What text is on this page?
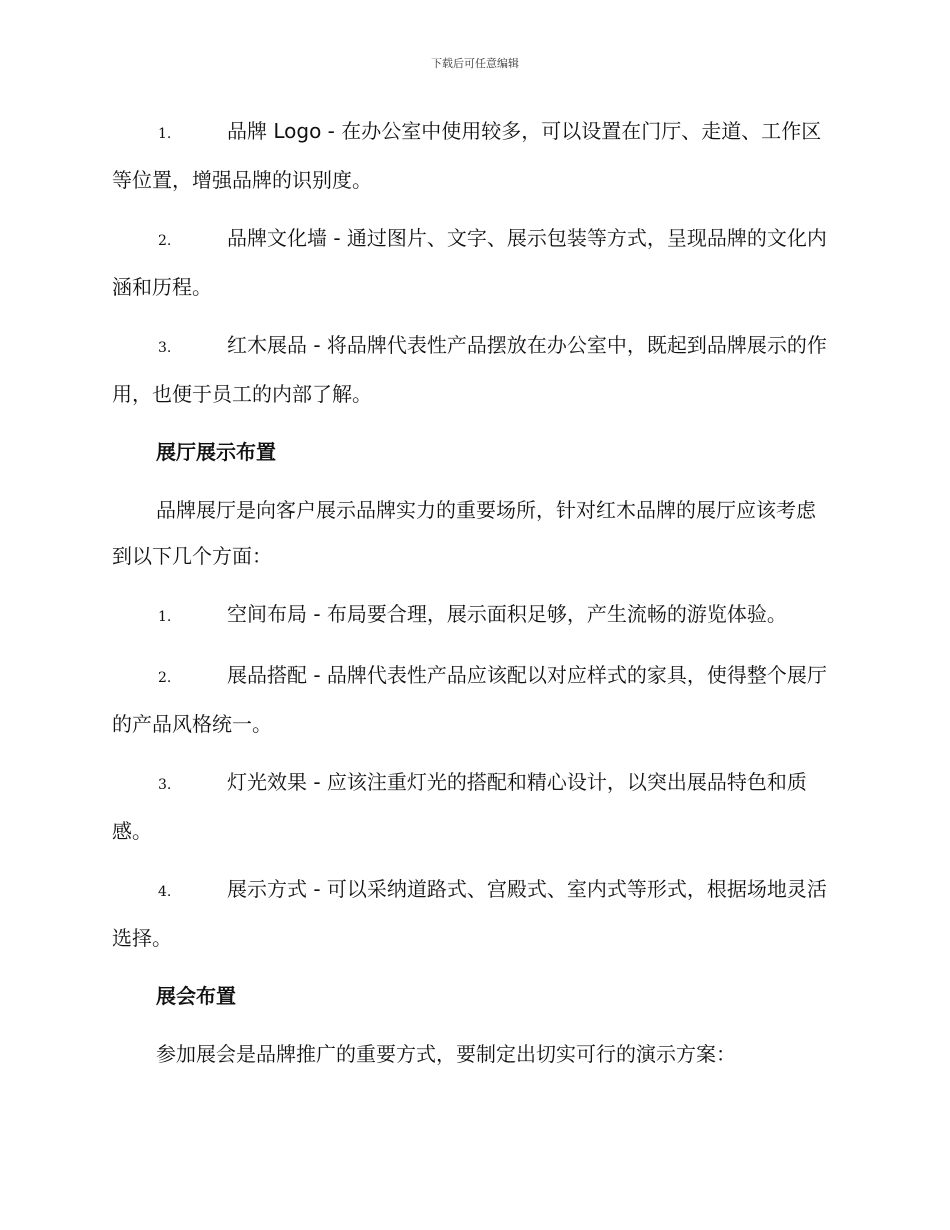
下载后可任意编辑
1.	品牌 Logo - 在办公室中使用较多，可以设置在门厅、走道、工作区等位置，增强品牌的识别度。
2.	品牌文化墙 - 通过图片、文字、展示包装等方式，呈现品牌的文化内涵和历程。
3.	红木展品 - 将品牌代表性产品摆放在办公室中，既起到品牌展示的作用，也便于员工的内部了解。
展厅展示布置
品牌展厅是向客户展示品牌实力的重要场所，针对红木品牌的展厅应该考虑到以下几个方面：
1.	空间布局 - 布局要合理，展示面积足够，产生流畅的游览体验。
2.	展品搭配 - 品牌代表性产品应该配以对应样式的家具，使得整个展厅的产品风格统一。
3.	灯光效果 - 应该注重灯光的搭配和精心设计，以突出展品特色和质感。
4.	展示方式 - 可以采纳道路式、宫殿式、室内式等形式，根据场地灵活选择。
展会布置
参加展会是品牌推广的重要方式，要制定出切实可行的演示方案：
